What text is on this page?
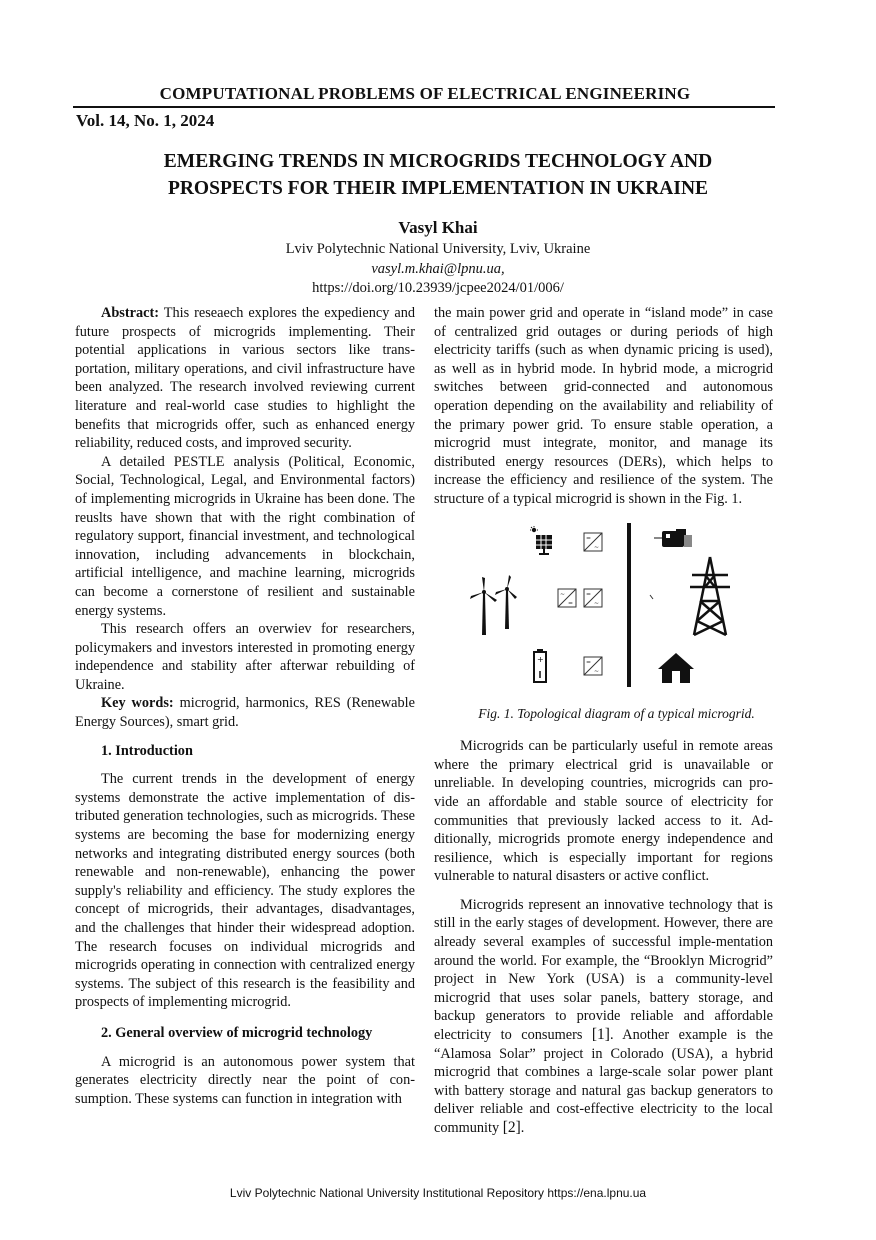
COMPUTATIONAL PROBLEMS OF ELECTRICAL ENGINEERING
Vol. 14, No. 1, 2024
EMERGING TRENDS IN MICROGRIDS TECHNOLOGY AND
PROSPECTS FOR THEIR IMPLEMENTATION IN UKRAINE
Vasyl Khai
Lviv Polytechnic National University, Lviv, Ukraine
vasyl.m.khai@lpnu.ua,
https://doi.org/10.23939/jcpee2024/01/006/

Abstract: This reseaech explores the expediency and future prospects of microgrids implementing. Their potential applications in various sectors like trans-portation, military operations, and civil infrastructure have been analyzed. The research involved reviewing current literature and real-world case studies to highlight the benefits that microgrids offer, such as enhanced energy reliability, reduced costs, and improved security.

A detailed PESTLE analysis (Political, Economic, Social, Technological, Legal, and Environmental factors) of implementing microgrids in Ukraine has been done. The reuslts have shown that with the right combination of regulatory support, financial investment, and technological innovation, including advancements in blockchain, artificial intelligence, and machine learning, microgrids can become a cornerstone of resilient and sustainable energy systems.

This research offers an overwiev for researchers, policymakers and investors interested in promoting energy independence and stability after afterwar rebuilding of Ukraine.

Key words: microgrid, harmonics, RES (Renewable Energy Sources), smart grid.

1. Introduction

The current trends in the development of energy systems demonstrate the active implementation of dis-tributed generation technologies, such as microgrids. These systems are becoming the base for modernizing energy networks and integrating distributed energy sources (both renewable and non-renewable), enhancing the power supply's reliability and efficiency. The study explores the concept of microgrids, their advantages, disadvantages, and the challenges that hinder their widespread adoption. The research focuses on individual microgrids and microgrids operating in connection with centralized energy systems. The subject of this research is the feasibility and prospects of implementing microgrid.

2. General overview of microgrid technology

A microgrid is an autonomous power system that generates electricity directly near the point of con-sumption. These systems can function in integration with

the main power grid and operate in “island mode” in case of centralized grid outages or during periods of high electricity tariffs (such as when dynamic pricing is used), as well as in hybrid mode. In hybrid mode, a microgrid switches between grid-connected and autonomous operation depending on the availability and reliability of the primary power grid. To ensure stable operation, a microgrid must integrate, monitor, and manage its distributed energy resources (DERs), which helps to increase the efficiency and resilience of the system. The structure of a typical microgrid is shown in the Fig. 1.

=
~
~
=
=
~
+	=
~

Fig. 1. Topological diagram of a typical microgrid.

Microgrids can be particularly useful in remote areas where the primary electrical grid is unavailable or unreliable. In developing countries, microgrids can pro-vide an affordable and stable source of electricity for communities that previously lacked access to it. Ad-ditionally, microgrids promote energy independence and resilience, which is especially important for regions vulnerable to natural disasters or active conflict.

Microgrids represent an innovative technology that is still in the early stages of development. However, there are already several examples of successful imple-mentation around the world. For example, the “Brooklyn Microgrid” project in New York (USA) is a community-level microgrid that uses solar panels, battery storage, and backup generators to provide reliable and affordable electricity to consumers [1]. Another example is the “Alamosa Solar” project in Colorado (USA), a hybrid microgrid that combines a large-scale solar power plant with battery storage and natural gas backup generators to deliver reliable and cost-effective electricity to the local community [2].

Lviv Polytechnic National University Institutional Repository https://ena.lpnu.ua
